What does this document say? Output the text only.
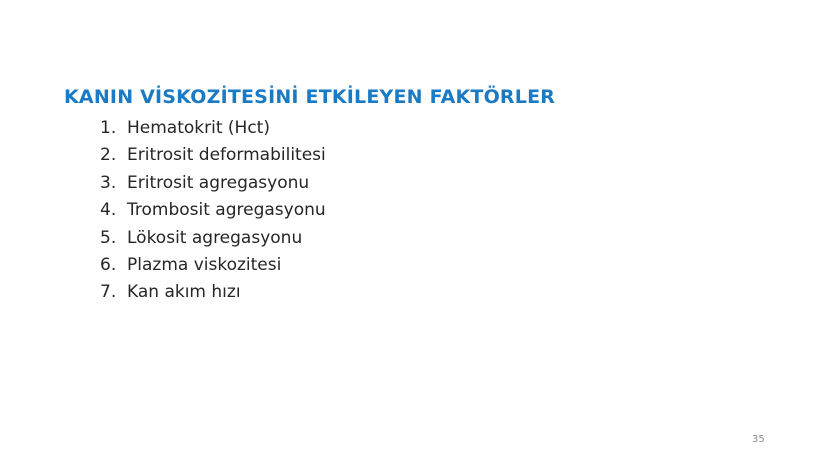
KANIN VİSKOZİTESİNİ ETKİLEYEN FAKTÖRLER
1. Hematokrit (Hct)
2. Eritrosit deformabilitesi
3. Eritrosit agregasyonu
4. Trombosit agregasyonu
5. Lökosit agregasyonu
6. Plazma viskozitesi
7. Kan akım hızı
35
